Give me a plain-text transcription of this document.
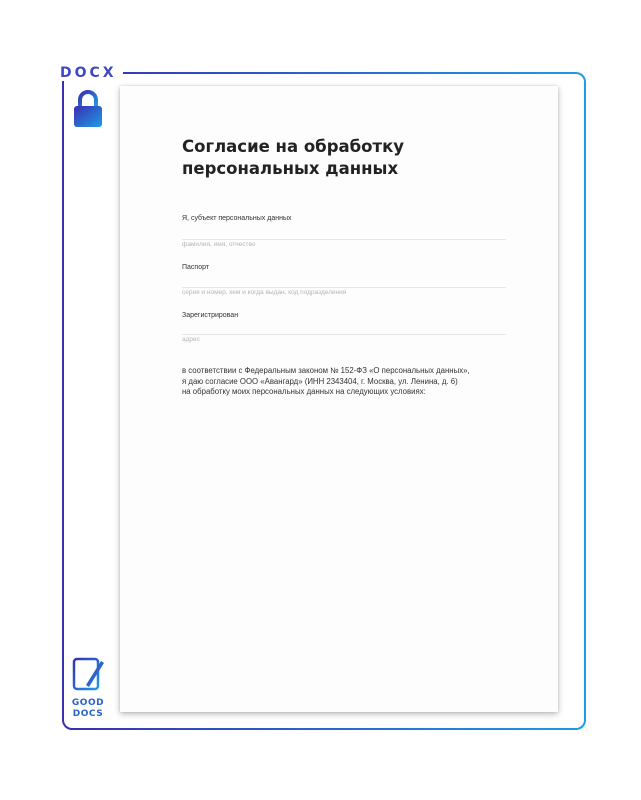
DOCX
GOOD
DOCS
Согласие на обработку
персональных данных
Я, субъект персональных данных
фамилия, имя, отчество
Паспорт
серия и номер, кем и когда выдан, код подразделения
Зарегистрирован
адрес
в соответствии с Федеральным законом № 152-ФЗ «О персональных данных»,
я даю согласие ООО «Авангард» (ИНН 2343404, г. Москва, ул. Ленина, д. 6)
на обработку моих персональных данных на следующих условиях:
